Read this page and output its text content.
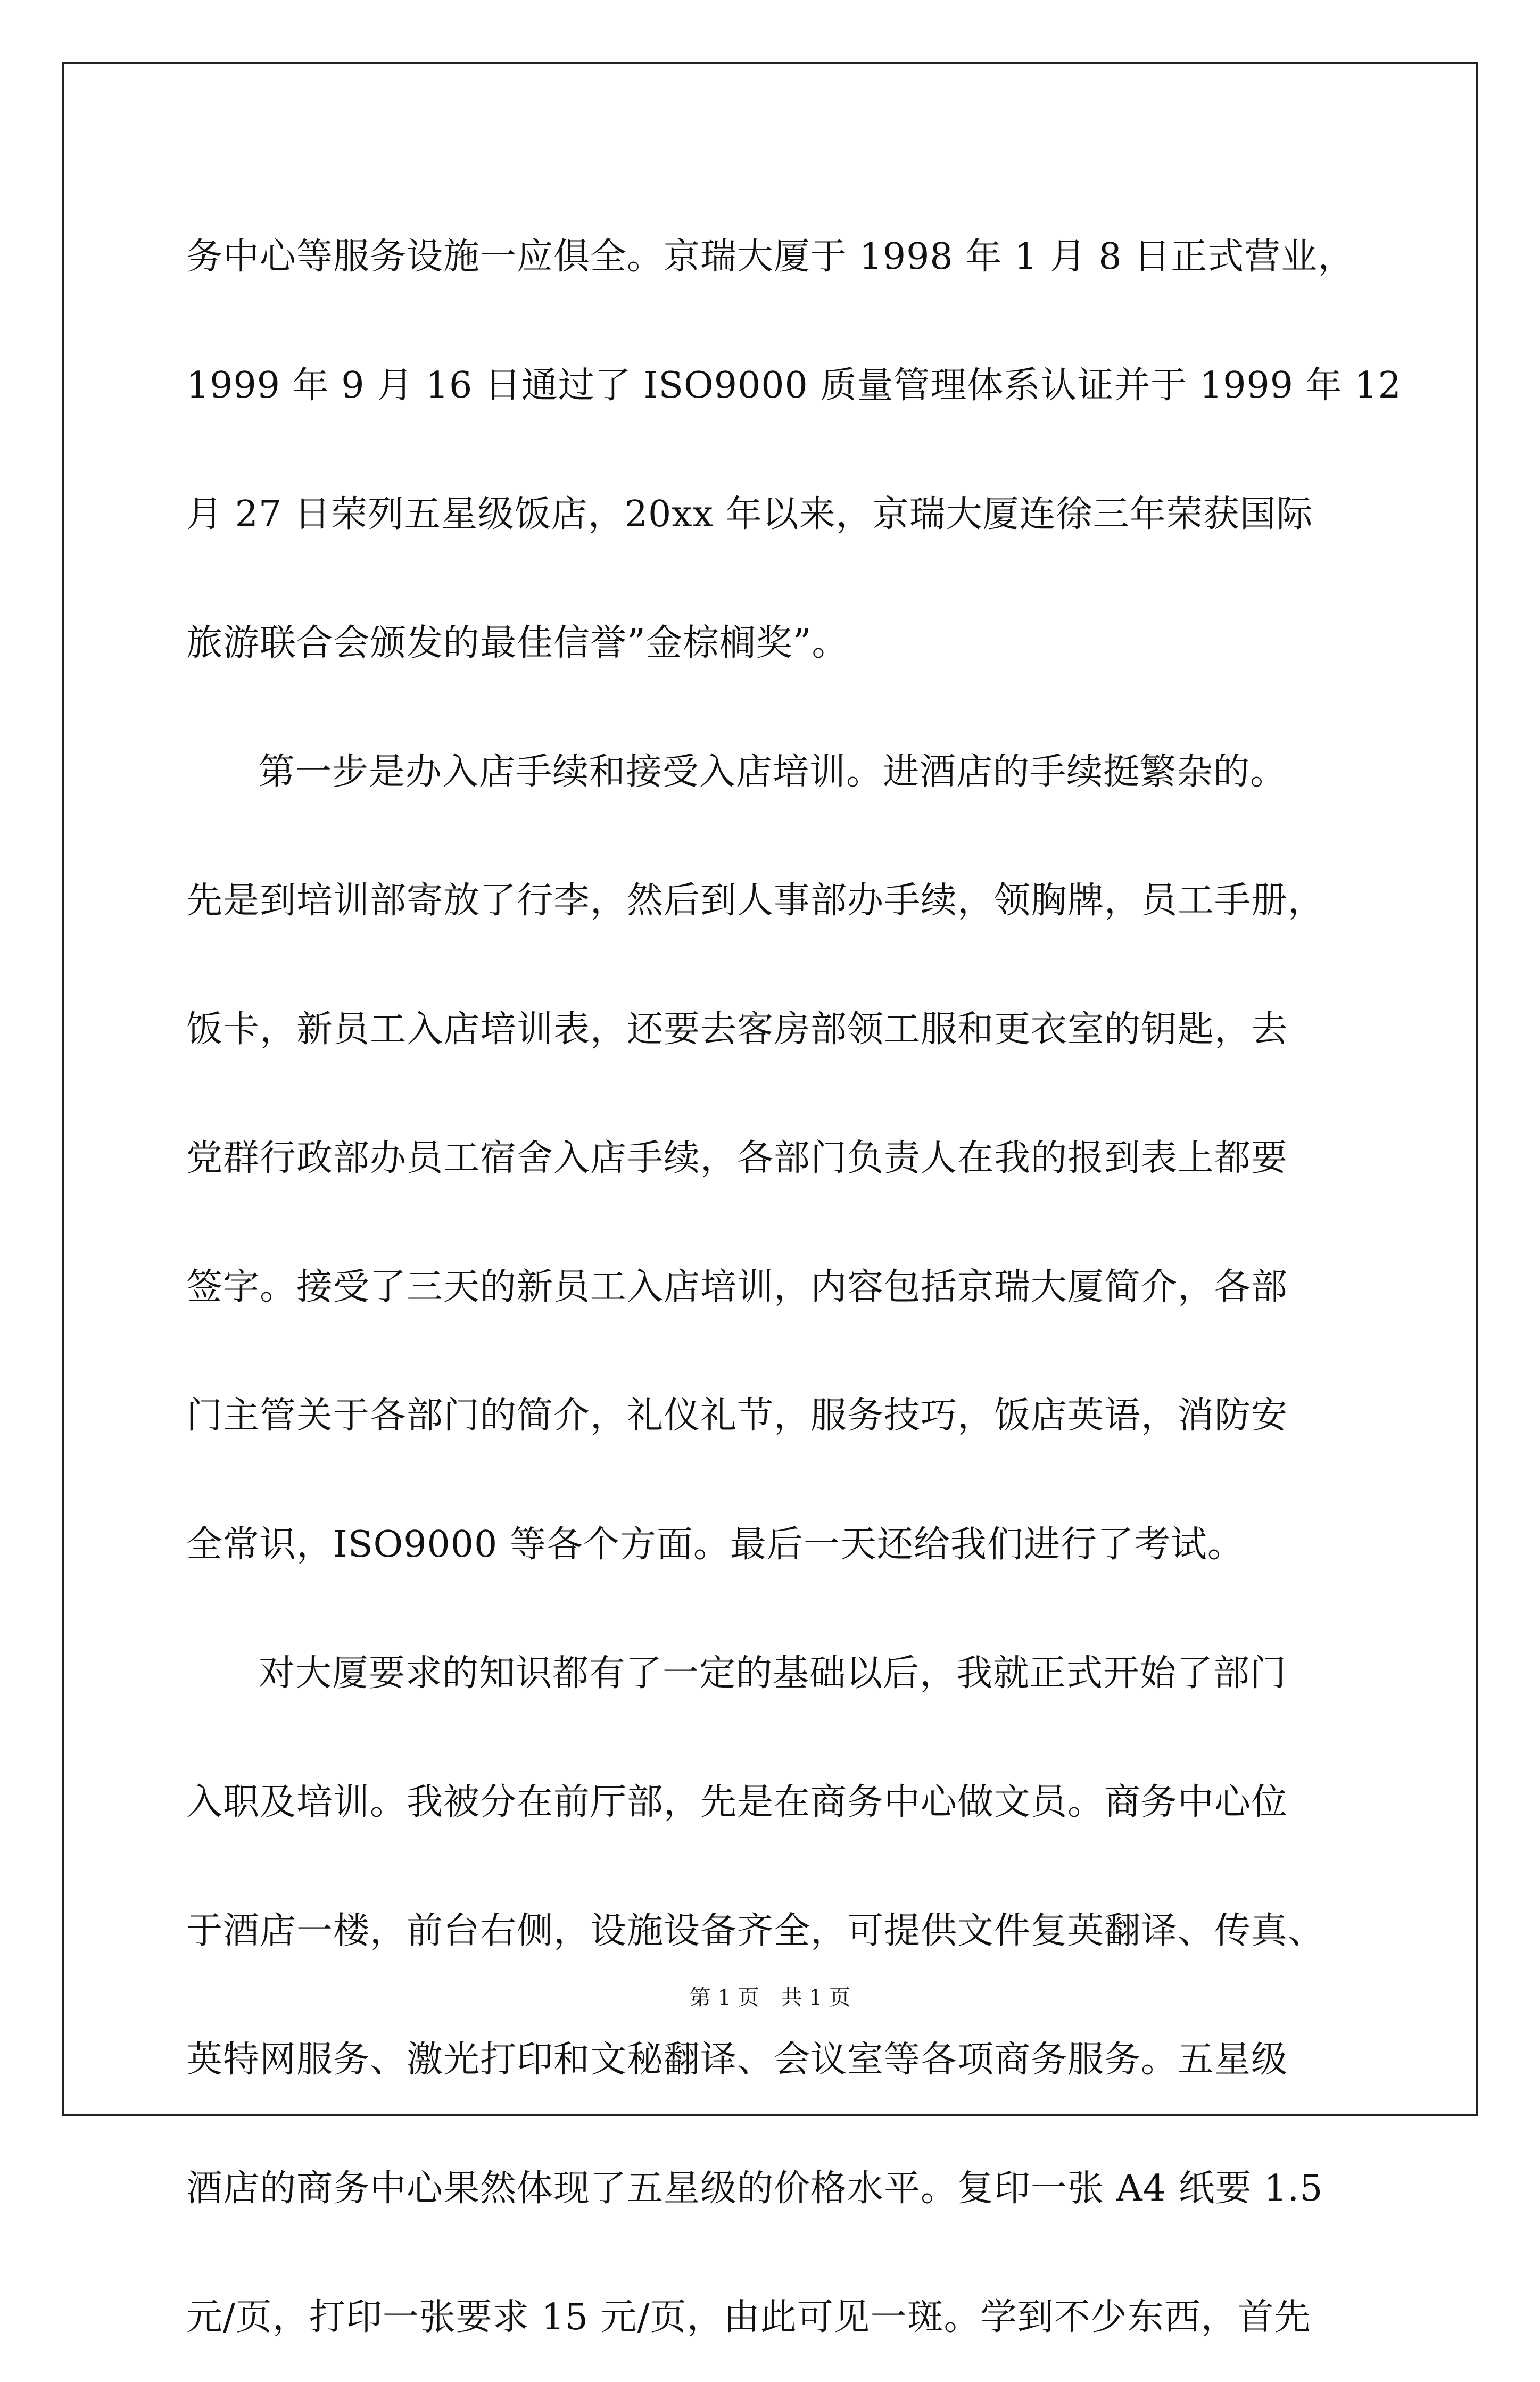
务中心等服务设施一应俱全。京瑞大厦于 1998 年 1 月 8 日正式营业，
1999 年 9 月 16 日通过了 ISO9000 质量管理体系认证并于 1999 年 12
月 27 日荣列五星级饭店，20xx 年以来，京瑞大厦连徐三年荣获国际
旅游联合会颁发的最佳信誉”金棕榈奖”。
第一步是办入店手续和接受入店培训。进酒店的手续挺繁杂的。
先是到培训部寄放了行李，然后到人事部办手续，领胸牌，员工手册，
饭卡，新员工入店培训表，还要去客房部领工服和更衣室的钥匙，去
党群行政部办员工宿舍入店手续，各部门负责人在我的报到表上都要
签字。接受了三天的新员工入店培训，内容包括京瑞大厦简介，各部
门主管关于各部门的简介，礼仪礼节，服务技巧，饭店英语，消防安
全常识，ISO9000 等各个方面。最后一天还给我们进行了考试。
对大厦要求的知识都有了一定的基础以后，我就正式开始了部门
入职及培训。我被分在前厅部，先是在商务中心做文员。商务中心位
于酒店一楼，前台右侧，设施设备齐全，可提供文件复英翻译、传真、
英特网服务、激光打印和文秘翻译、会议室等各项商务服务。五星级
酒店的商务中心果然体现了五星级的价格水平。复印一张 A4 纸要 1.5
元/页，打印一张要求 15 元/页，由此可见一斑。学到不少东西，首先
第 1 页 共 1 页
